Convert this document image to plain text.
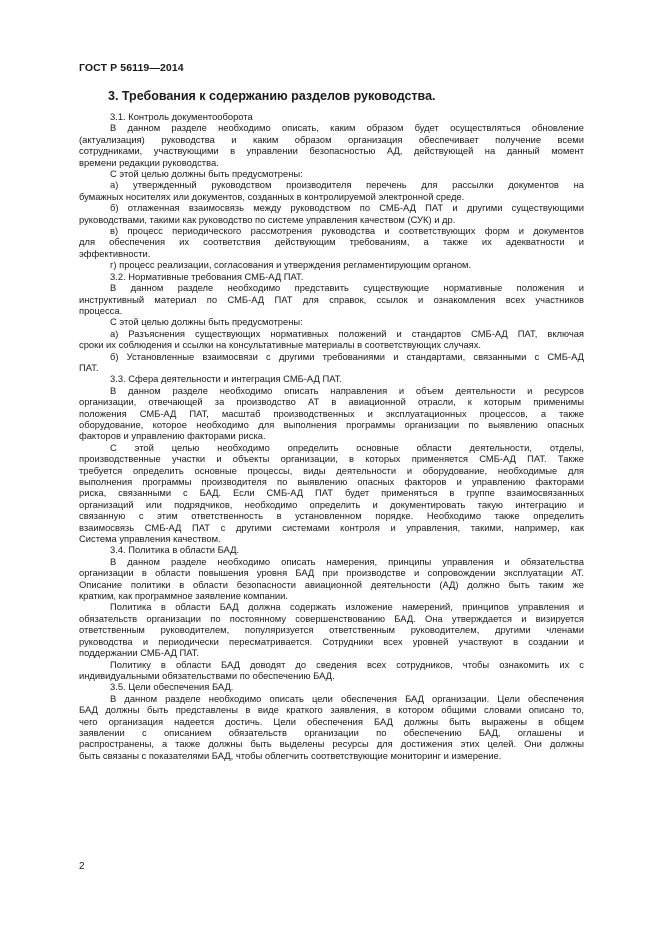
ГОСТ Р 56119—2014
3. Требования к содержанию разделов руководства.
3.1. Контроль документооборота
В данном разделе необходимо описать, каким образом будет осуществляться обновление
(актуализация) руководства и каким образом организация обеспечивает получение всеми
сотрудниками, участвующими в управлении безопасностью АД, действующей на данный момент
времени редакции руководства.
С этой целью должны быть предусмотрены:
а) утвержденный руководством производителя перечень для рассылки документов на
бумажных носителях или документов, созданных в контролируемой электронной среде.
б) отлаженная взаимосвязь между руководством по СМБ-АД ПАТ и другими существующими
руководствами, такими как руководство по системе управления качеством (СУК) и др.
в) процесс периодического рассмотрения руководства и соответствующих форм и документов
для обеспечения их соответствия действующим требованиям, а также их адекватности и
эффективности.
г) процесс реализации, согласования и утверждения регламентирующим органом.
3.2. Нормативные требования СМБ-АД ПАТ.
В данном разделе необходимо представить существующие нормативные положения и
инструктивный материал по СМБ-АД ПАТ для справок, ссылок и ознакомления всех участников
процесса.
С этой целью должны быть предусмотрены:
а) Разъяснения существующих нормативных положений и стандартов СМБ-АД ПАТ, включая
сроки их соблюдения и ссылки на консультативные материалы в соответствующих случаях.
б) Установленные взаимосвязи с другими требованиями и стандартами, связанными с СМБ-АД
ПАТ.
3.3. Сфера деятельности и интеграция СМБ-АД ПАТ.
В данном разделе необходимо описать направления и объем деятельности и ресурсов
организации, отвечающей за производство АТ в авиационной отрасли, к которым применимы
положения СМБ-АД ПАТ, масштаб производственных и эксплуатационных процессов, а также
оборудование, которое необходимо для выполнения программы организации по выявлению опасных
факторов и управлению факторами риска.
С этой целью необходимо определить основные области деятельности, отделы,
производственные участки и объекты организации, в которых применяется СМБ-АД ПАТ. Также
требуется определить основные процессы, виды деятельности и оборудование, необходимые для
выполнения программы производителя по выявлению опасных факторов и управлению факторами
риска, связанными с БАД. Если СМБ-АД ПАТ будет применяться в группе взаимосвязанных
организаций или подрядчиков, необходимо определить и документировать такую интеграцию и
связанную с этим ответственность в установленном порядке. Необходимо также определить
взаимосвязь СМБ-АД ПАТ с другими системами контроля и управления, такими, например, как
Система управления качеством.
3.4. Политика в области БАД.
В данном разделе необходимо описать намерения, принципы управления и обязательства
организации в области повышения уровня БАД при производстве и сопровождении эксплуатации АТ.
Описание политики в области безопасности авиационной деятельности (АД) должно быть таким же
кратким, как программное заявление компании.
Политика в области БАД должна содержать изложение намерений, принципов управления и
обязательств организации по постоянному совершенствованию БАД. Она утверждается и визируется
ответственным руководителем, популяризуется ответственным руководителем, другими членами
руководства и периодически пересматривается. Сотрудники всех уровней участвуют в создании и
поддержании СМБ-АД ПАТ.
Политику в области БАД доводят до сведения всех сотрудников, чтобы ознакомить их с
индивидуальными обязательствами по обеспечению БАД.
3.5. Цели обеспечения БАД.
В данном разделе необходимо описать цели обеспечения БАД организации. Цели обеспечения
БАД должны быть представлены в виде краткого заявления, в котором общими словами описано то,
чего организация надеется достичь. Цели обеспечения БАД должны быть выражены в общем
заявлении с описанием обязательств организации по обеспечению БАД, оглашены и
распространены, а также должны быть выделены ресурсы для достижения этих целей. Они должны
быть связаны с показателями БАД, чтобы облегчить соответствующие мониторинг и измерение.
2
